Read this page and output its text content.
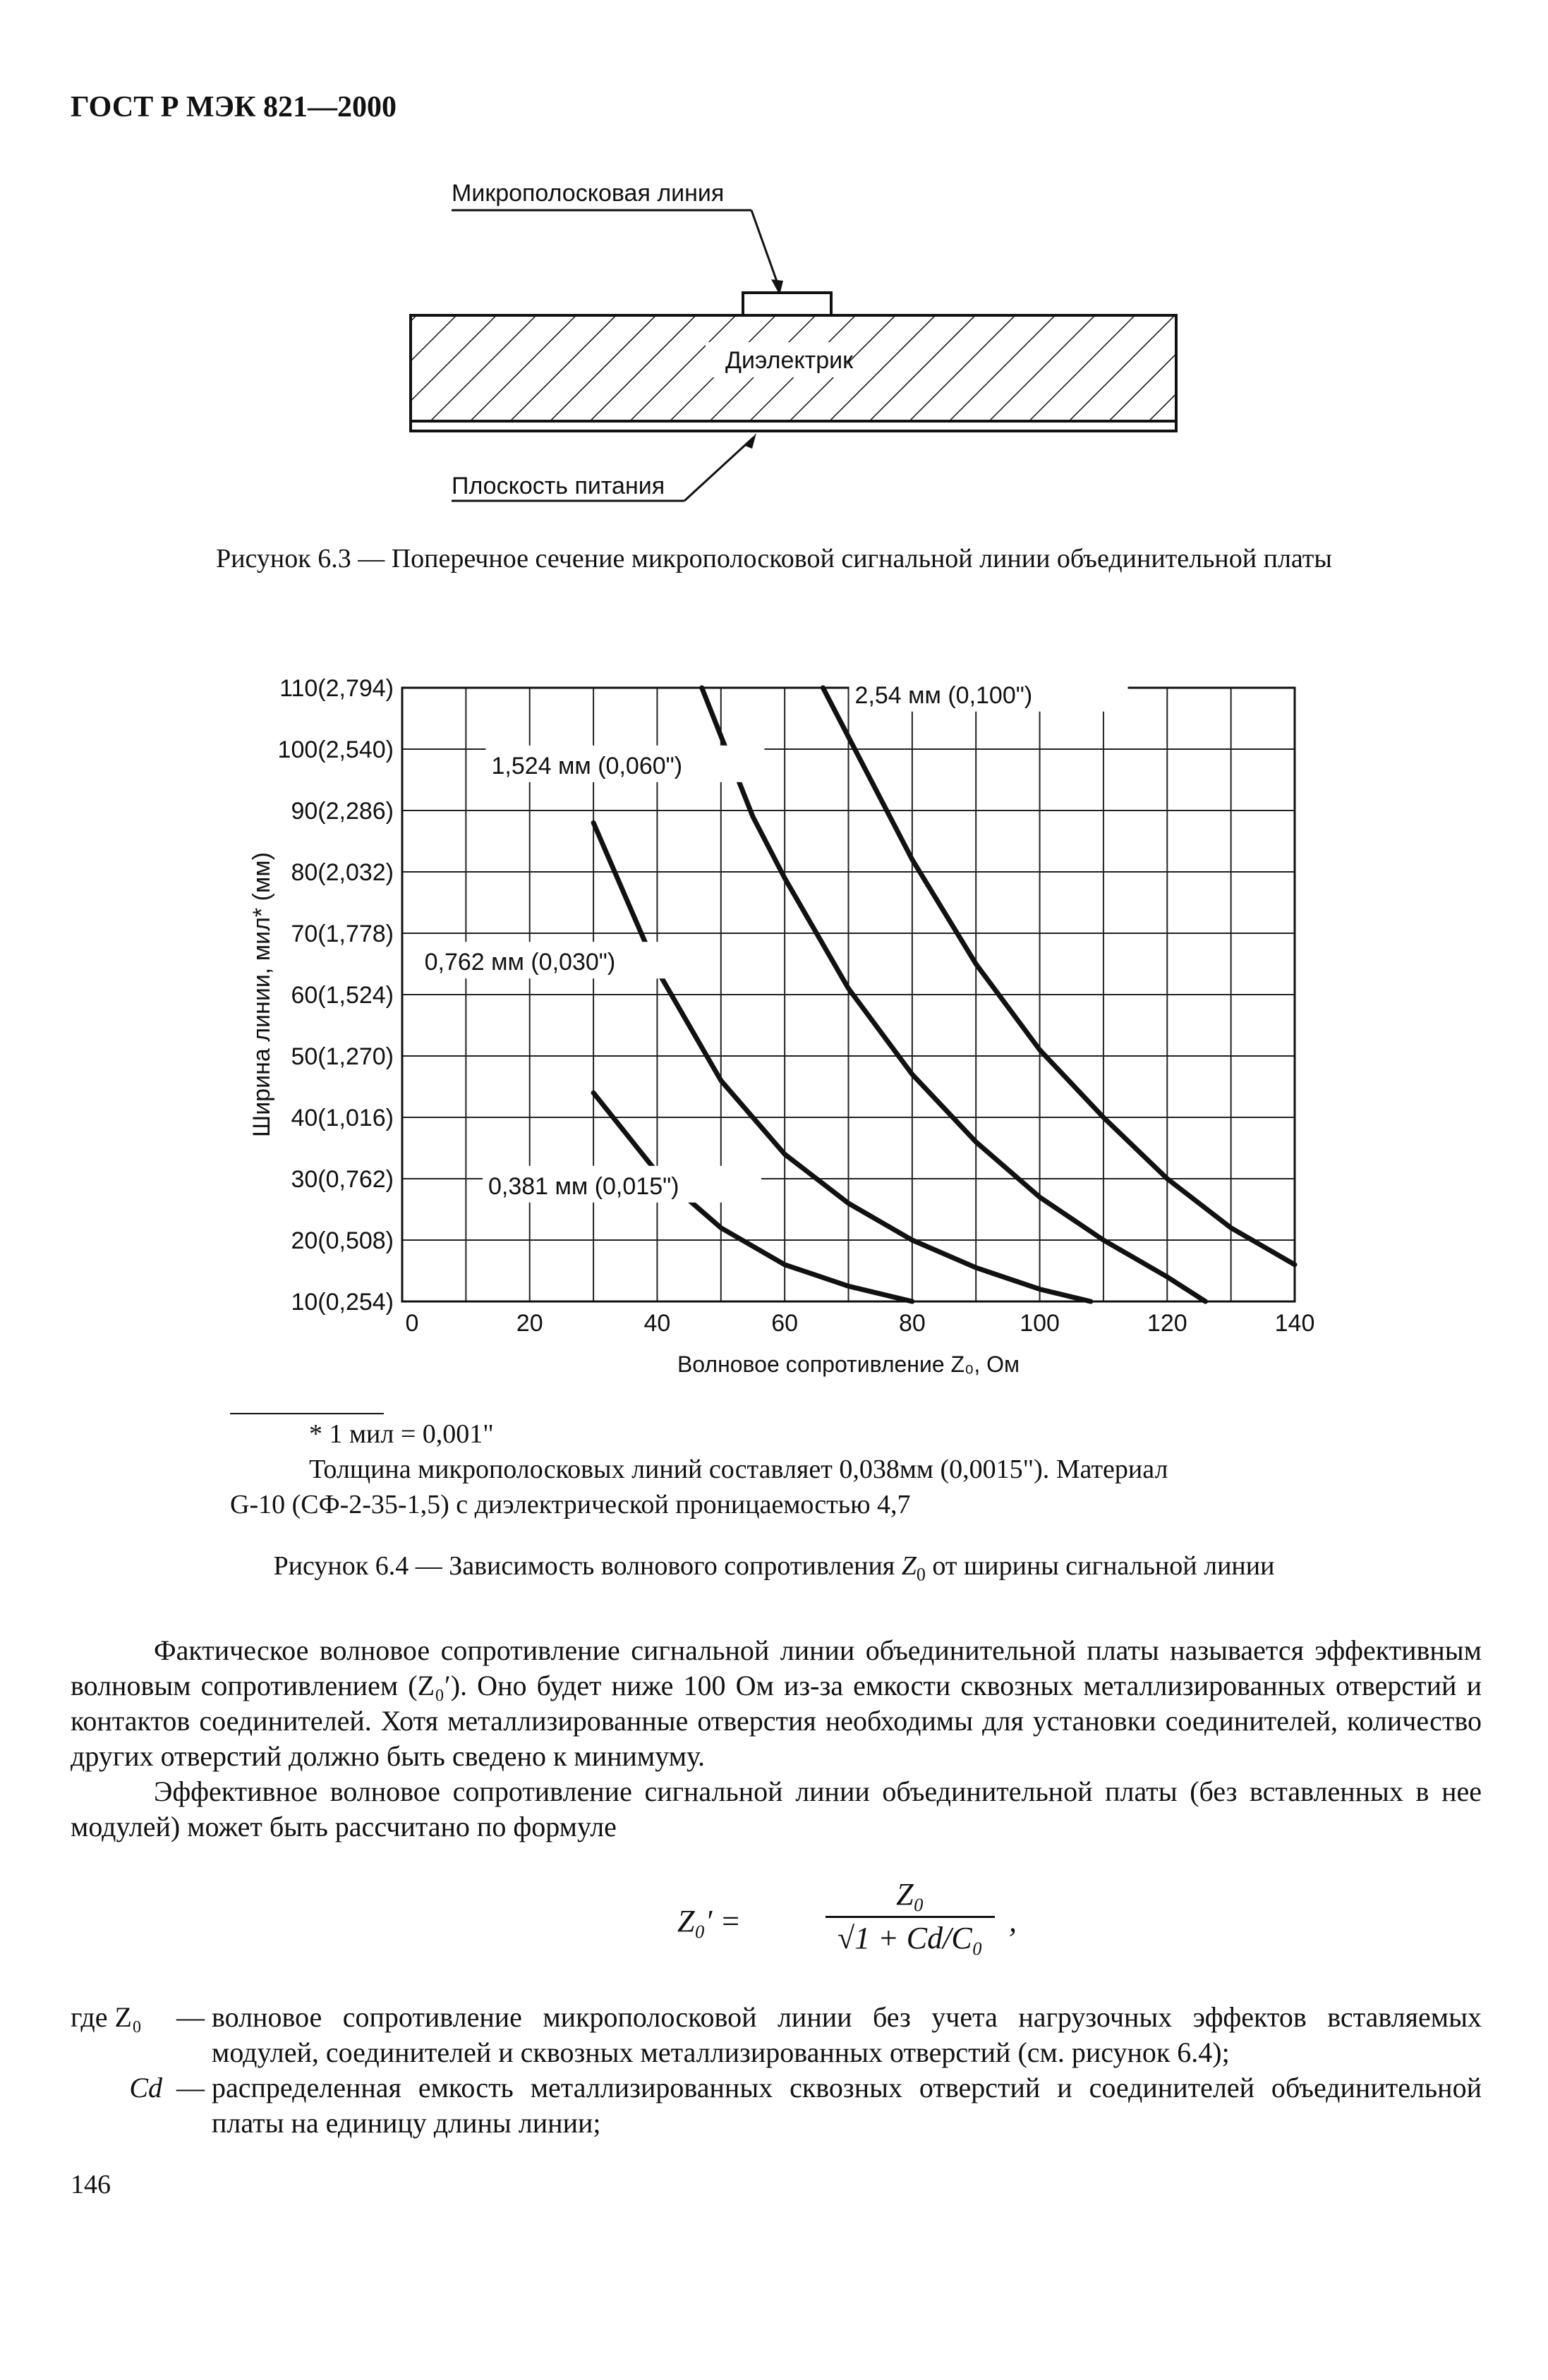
ГОСТ Р МЭК 821—2000
Микрополосковая линия
Диэлектрик
Плоскость питания
Рисунок 6.3 — Поперечное сечение микрополосковой сигнальной линии объединительной платы
10(0,254)
20(0,508)
30(0,762)
40(1,016)
50(1,270)
60(1,524)
70(1,778)
80(2,032)
90(2,286)
100(2,540)
110(2,794)
0	20	40	60	80	100	120	140
Волновое сопротивление Z₀, Ом
Ширина линии, мил* (мм)
0,381 мм (0,015")
0,762 мм (0,030")
1,524 мм (0,060")
2,54 мм (0,100")
* 1 мил = 0,001"
Толщина микрополосковых линий составляет 0,038мм (0,0015"). Материал
G-10 (СФ-2-35-1,5) с диэлектрической проницаемостью 4,7
Рисунок 6.4 — Зависимость волнового сопротивления $Z_0$ от ширины сигнальной линии
Фактическое волновое сопротивление сигнальной линии объединительной платы называется эффективным волновым сопротивлением (Z₀′). Оно будет ниже 100 Ом из-за емкости сквозных металлизированных отверстий и контактов соединителей. Хотя металлизированные отверстия необходимы для установки соединителей, количество других отверстий должно быть сведено к минимуму.
Эффективное волновое сопротивление сигнальной линии объединительной платы (без вставленных в нее модулей) может быть рассчитано по формуле
Z₀′ =
Z₀
√1 + Cd/C₀ ,
где Z₀	— волновое сопротивление микрополосковой линии без учета нагрузочных эффектов вставляемых модулей, соединителей и сквозных металлизированных отверстий (см. рисунок 6.4);
Cd — распределенная емкость металлизированных сквозных отверстий и соединителей объединительной платы на единицу длины линии;
146
